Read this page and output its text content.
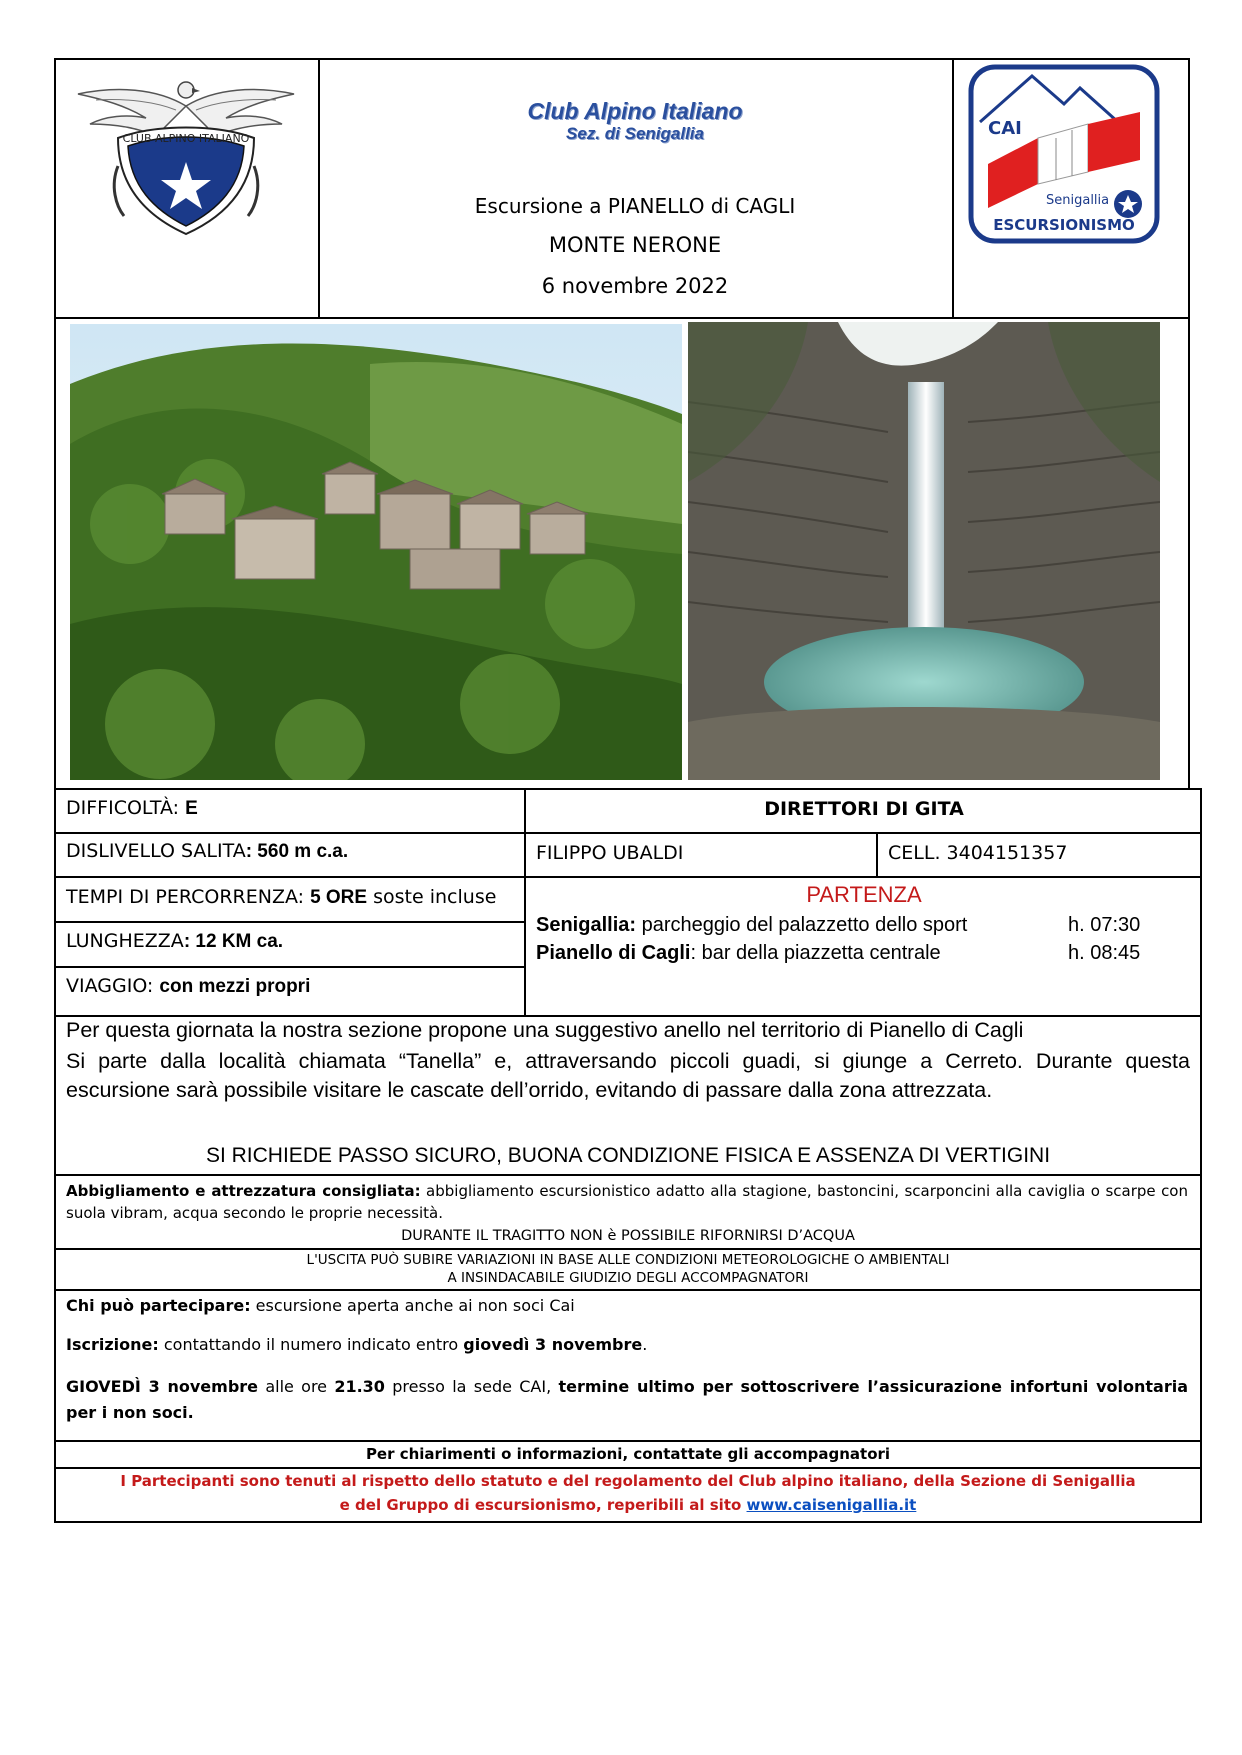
CLUB ALPINO ITALIANO
Club Alpino Italiano
Sez. di Senigallia
Escursione a PIANELLO di CAGLI
MONTE NERONE
6 novembre 2022
CAI
Senigallia
ESCURSIONISMO
DIFFICOLTÀ: E
DISLIVELLO SALITA: 560 m c.a.
TEMPI DI PERCORRENZA: 5 ORE soste incluse
LUNGHEZZA: 12 KM ca.
VIAGGIO: con mezzi propri
DIRETTORI DI GITA
FILIPPO UBALDI	CELL. 3404151357
PARTENZA
Senigallia: parcheggio del palazzetto dello sport	h. 07:30
Pianello di Cagli: bar della piazzetta centrale	h. 08:45
Per questa giornata la nostra sezione propone una suggestivo anello nel territorio di Pianello di Cagli
Si parte dalla località chiamata “Tanella” e, attraversando piccoli guadi, si giunge a Cerreto. Durante questa escursione sarà possibile visitare le cascate dell’orrido, evitando di passare dalla zona attrezzata.
SI RICHIEDE PASSO SICURO, BUONA CONDIZIONE FISICA E ASSENZA DI VERTIGINI
Abbigliamento e attrezzatura consigliata: abbigliamento escursionistico adatto alla stagione, bastoncini, scarponcini alla caviglia o scarpe con suola vibram, acqua secondo le proprie necessità.
DURANTE IL TRAGITTO NON è POSSIBILE RIFORNIRSI D’ACQUA
L'USCITA PUÒ SUBIRE VARIAZIONI IN BASE ALLE CONDIZIONI METEOROLOGICHE O AMBIENTALI
A INSINDACABILE GIUDIZIO DEGLI ACCOMPAGNATORI
Chi può partecipare: escursione aperta anche ai non soci Cai
Iscrizione: contattando il numero indicato entro giovedì 3 novembre.
GIOVEDÌ 3 novembre alle ore 21.30 presso la sede CAI, termine ultimo per sottoscrivere l’assicurazione infortuni volontaria per i non soci.
Per chiarimenti o informazioni, contattate gli accompagnatori
I Partecipanti sono tenuti al rispetto dello statuto e del regolamento del Club alpino italiano, della Sezione di Senigallia
e del Gruppo di escursionismo, reperibili al sito www.caisenigallia.it
